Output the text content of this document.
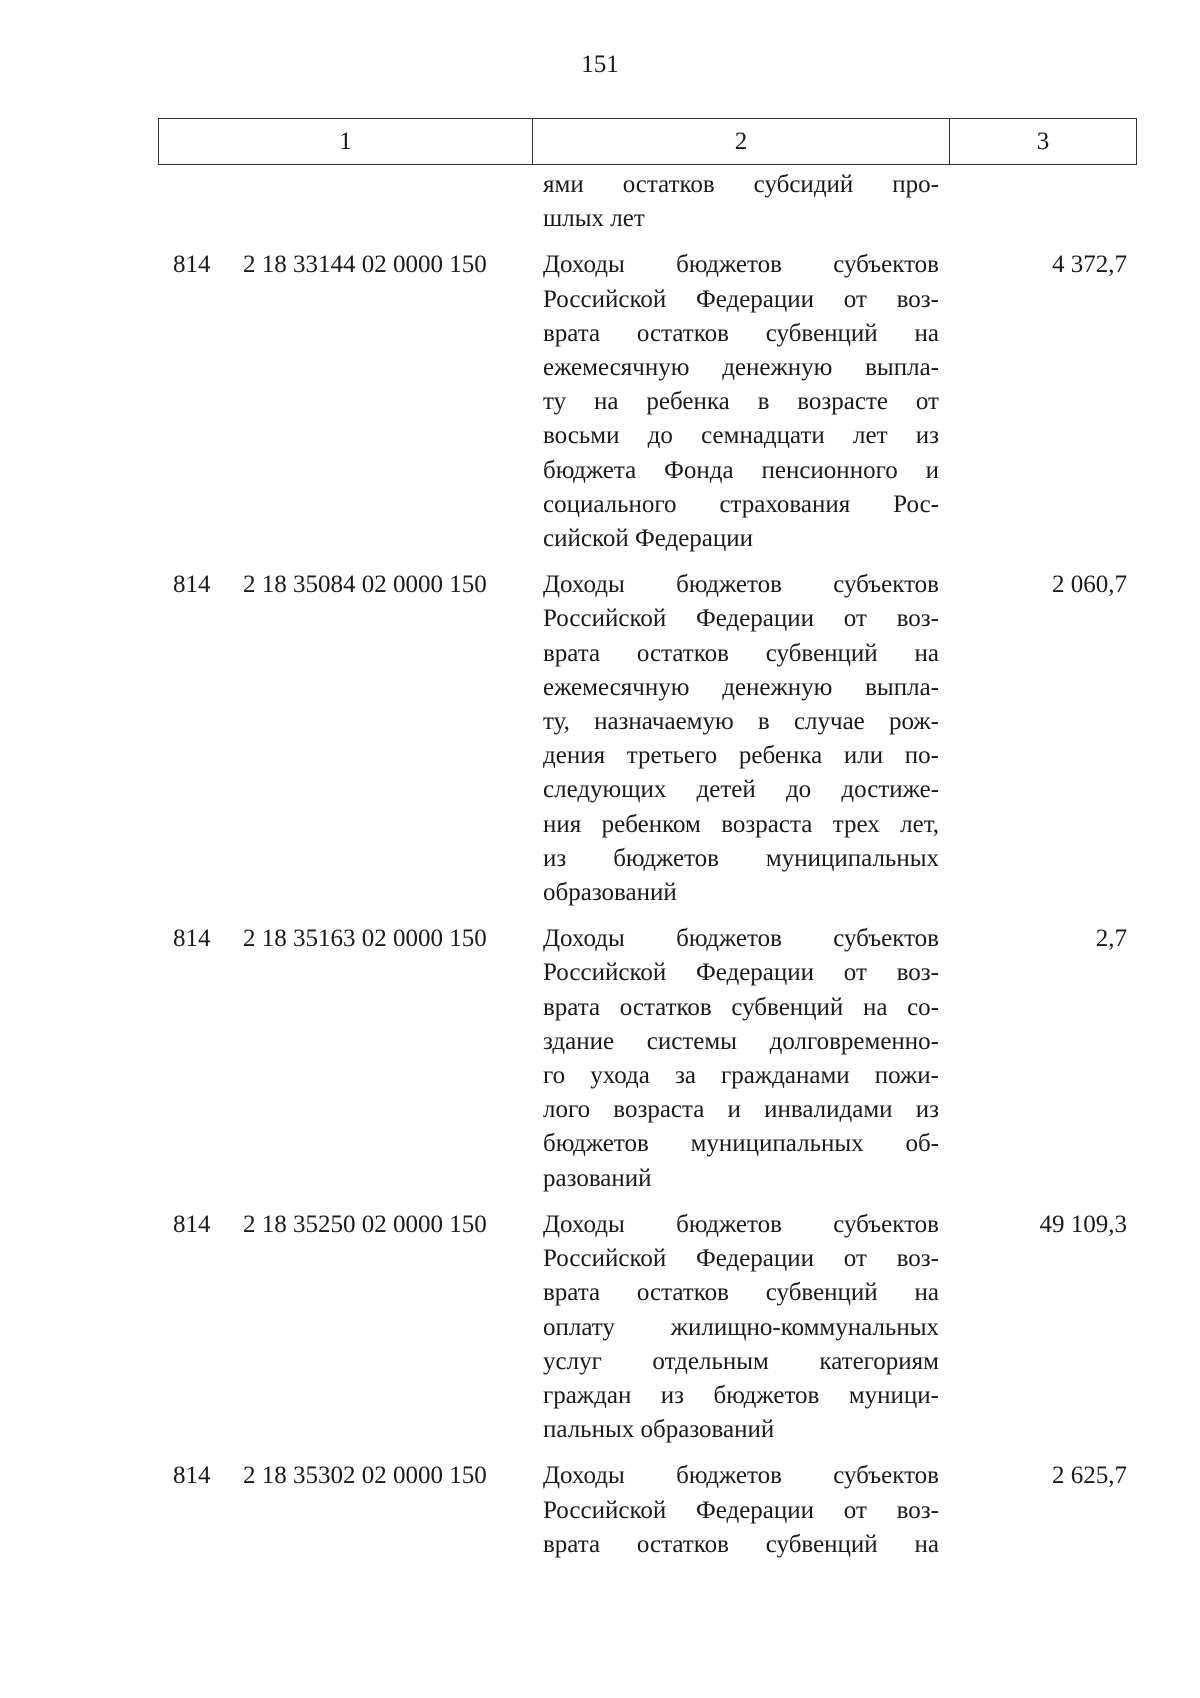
151
1	2	3
ями остатков субсидий про-
шлых лет
814 2 18 33144 02 0000 150 Доходы бюджетов субъектов
Российской Федерации от воз-
врата остатков субвенций на
ежемесячную денежную выпла-
ту на ребенка в возрасте от
восьми до семнадцати лет из
бюджета Фонда пенсионного и
социального страхования Рос-
сийской Федерации
4 372,7
814 2 18 35084 02 0000 150 Доходы бюджетов субъектов
Российской Федерации от воз-
врата остатков субвенций на
ежемесячную денежную выпла-
ту, назначаемую в случае рож-
дения третьего ребенка или по-
следующих детей до достиже-
ния ребенком возраста трех лет,
из бюджетов муниципальных
образований
2 060,7
814 2 18 35163 02 0000 150 Доходы бюджетов субъектов
Российской Федерации от воз-
врата остатков субвенций на со-
здание системы долговременно-
го ухода за гражданами пожи-
лого возраста и инвалидами из
бюджетов муниципальных об-
разований
2,7
814 2 18 35250 02 0000 150 Доходы бюджетов субъектов
Российской Федерации от воз-
врата остатков субвенций на
оплату жилищно-коммунальных
услуг отдельным категориям
граждан из бюджетов муници-
пальных образований
49 109,3
814 2 18 35302 02 0000 150 Доходы бюджетов субъектов
Российской Федерации от воз-
врата остатков субвенций на
2 625,7
